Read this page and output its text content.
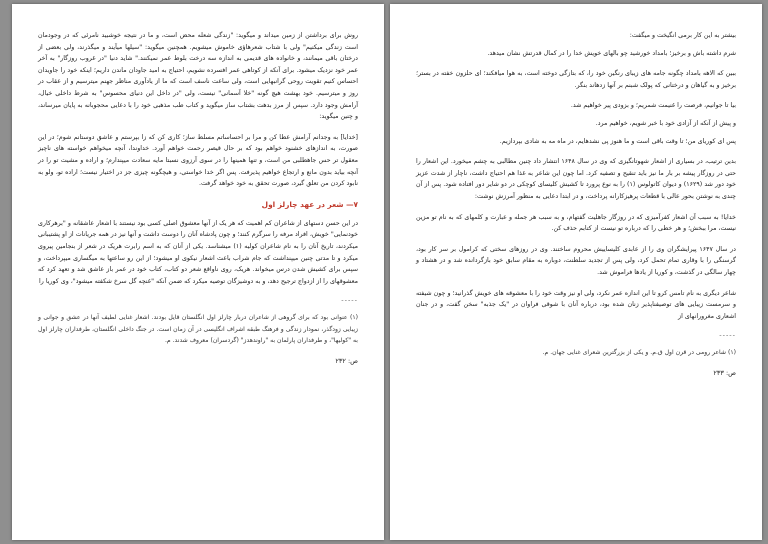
روش برای برداشتن از زمین میداند و میگوید: "زندگی شعله محض است، و ما در نتیجه خوشبید نامرئی که در وجودمان است زندگی میکنیم" ولی با شتاب شعرهاؤی خاموش میشویم. همچنین میگوید: "سیلها میآیند و میگذرند، ولی بعضی از درختان باقی میمانند، و خانواده های قدیمی به اندازه سه درخت بلوط عمر نمیکنند." شاید دنیا "در غروب روزگار" به آخر عمر خود نزدیک میشود. برای آنکه از کوتاهی عمر افسرده نشویم، احتیاج به امید جاودان ماندن داریم؛ اینکه خود را جاویدان احساس کنیم تقویت روحی گرانبهایی است، ولی ساعت ناسف است که ما از یادآوری مناظر جهنم میترسیم و از عقاب در روز و میترسیم. خود بهشت هیچ گونه "خلا آسمانی" نیست، ولی "در داخل این دنیای محسوس" به شرط داخلی خیال، آرامش وجود دارد. سپس از مرز بدهت بشتاب ساز میگوید و کتاب طب مذهبی خود را با دعایی محجوبانه به پایان میرساند، و چنین میگوید:

[خدایا] به وجدانم آرامش عطا کن و مرا بر احساساتم مسلط ساز؛ کاری کن که زا بپرستم و عاشق دوستانم شوم؛ در این صورت، به اندازهای خشنود خواهم بود که بر حال قیصر رحمت خواهم آورد. خداوندا، آنچه میخواهم خواسته های ناچیز معقول تر حس جاهطلبی من است، و تنها همینها را در سوی آرزوی نسبتا مایه سعادت میپندارم؛ و اراده و مشیت تو را در آنچه بیاید بدون مانع و ارتجاع خواهیم پذیرفت. پس اگر خدا خواستی، و هیچگونه چیزی جز در اختیار نیست؛ اراده تو، ولو به نابود کردن من تعلق گیرد، صورت تحقق به خود خواهد گرفت.

۷— شعر در عهد چارلز اول

در این حسن دستهای از شاعران کم اهمیت که هر یک از آنها معشوق اصلی کسی بود نیستند با اشعار عاشقانه و "برهرکاری خودنمایی" خویش، افراد مرفه را سرگرم کنند؛ و چون پادشاه آنان را دوست داشت و آنها نیز در همه جریانات از او پشتیبانی میکردند، تاریخ آنان را به نام شاعران کولیه (۱) میشناسد. یکی از آنان که به اسم رابرت هریک در شعر از بنجامین پیروی میکرد و تا مدتی چنین میپنداشت که جام شراب باعث اشعار نیکوی او میشود؛ از این رو ساعتها به میگساری میپرداخت، و سپس برای کشیش شدن درس میخواند. هریک، روی ناواقع شعر دو کتاب، کتاب خود در عمر باز عاشق شد و تعهد کرد که معشوقهای را از ازدواج ترجیح دهد، و به دوشیزگان توصیه میکرد که ضمن آنکه "غنچه گل سرخ شکفته میشود"، وی کوریا را

-----

(۱) عنوانی بود که برای گروهی از شاعران دربار چارلز اول انگلستان قایل بودند. اشعار غنایی لطیف آنها در عشق و جوانی و زیبایی زودگذر، نمودار زندگی و فرهنگ طبقه اشراف انگلیسی در آن زمان است. در جنگ داخلی انگلستان، طرفداران چارلز اول به "کولیها"، و طرفداران پارلمان به "راوندهدز" (گردسران) معروف شدند. م.

ص: ۲۳۲

بیشتر به این کار برمی انگیخت و میگفت:

شرم داشته باش و برخیز؛ بامداد خورشید چو بالهای خویش خدا را در کمال قدرتش نشان میدهد.

ببین که الاهه بامداد چگونه جامه های زیبای رنگین خود را، که بتازگی دوخته است، به هوا میافکند؛ ای حلزون خفته در بستر؛ برخیز و به گیاهان و درختانی که پولک شبنم بر آنها زدهاند بنگر.

بیا تا جوانیم، فرصت را غنیمت شمریم؛ و بزودی پیر خواهیم شد.

و پیش از آنکه از آزادی خود با خبر شویم، خواهیم مرد.

پس ای کوریای من؛ تا وقت باقی است و ما هنوز پی نشدهایم، در ماه مه به شادی بپردازیم.

بدین ترتیب، در بسیاری از اشعار شهوتانگیزی که وی در سال ۱۶۴۸ انتشار داد چنین مطالبی به چشم میخورد. این اشعار را حتی در روزگار پیشه بر بار ما نیز باید تنقیح و تصفیه کرد. اما چون این شاعر به غذا هم احتیاج داشت، ناچار از شدت عزیز خود دور شد (۱۶۲۹) و دیوان کاتولوس (۱) را به نوع پرورد تا کشیش کلیسای کوچکی در دو شایر دور افتاده شود. پس از آن چندی به نوشتن بحور عالی با قطعات پرهیزکارانه پرداخت، و در ابتدا دعایی به منظور آمرزش نوشت:

خدایا! به سبب آن اشعار کفرآمیزی که در روزگار جاهلیت گفتهام، و به سبب هر جمله و عبارت و کلمهای که به نام تو مزین نیست، مرا ببخش؛ و هر خطی را که درباره تو نیست از کتابم حذف کن.

در سال ۱۶۴۷ پیرایشگران وی را از عابدی کلیساییش محروم ساختند. وی در روزهای سختی که کرامول بر سر کار بود، گرسنگی را با وقاری تمام تحمل کرد، ولی پس از تجدید سلطنت، دوباره به مقام سابق خود بازگردانده شد و در هشتاد و چهار سالگی در گذشت، و کوریا از یادها فراموش شد.

شاعر دیگری به نام تامس کرو تا این اندازه عمر نکرد، ولی او نیز وقت خود را با معشوقه های خویش گذرانید؛ و چون شیفته و سرمست زیبایی های توصیفناپذیر زنان شده بود، درباره آنان با شوقی فراوان در "یک جذبه" سخن گفت، و در جنان اشعاری مغرورانهای از

-----

(۱) شاعر رومی در قرن اول ق.م. و یکی از بزرگترین شعرای غنایی جهان. م.

ص: ۲۳۳
